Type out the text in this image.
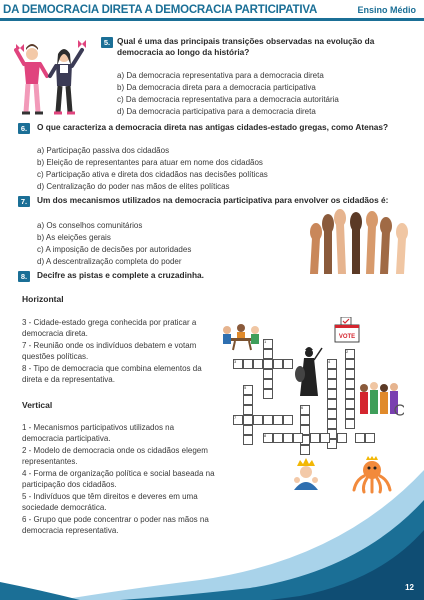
DA DEMOCRACIA DIRETA A DEMOCRACIA PARTICIPATIVA	Ensino Médio
5. Qual é uma das principais transições observadas na evolução da democracia ao longo da história?
a) Da democracia representativa para a democracia direta
b) Da democracia direta para a democracia participativa
c) Da democracia representativa para a democracia autoritária
d) Da democracia participativa para a democracia direta
6.	O que caracteriza a democracia direta nas antigas cidades-estado gregas, como Atenas?
a) Participação passiva dos cidadãos
b) Eleição de representantes para atuar em nome dos cidadãos
c) Participação ativa e direta dos cidadãos nas decisões políticas
d) Centralização do poder nas mãos de elites políticas
7.	Um dos mecanismos utilizados na democracia participativa para envolver os cidadãos é:
a) Os conselhos comunitários
b) As eleições gerais
c) A imposição de decisões por autoridades
d) A descentralização completa do poder
8.	Decifre as pistas e complete a cruzadinha.
Horizontal
3 - Cidade-estado grega conhecida por praticar a democracia direta.
7 - Reunião onde os indivíduos debatem e votam questões políticas.
8 - Tipo de democracia que combina elementos da direta e da representativa.
Vertical
1 - Mecanismos participativos utilizados na democracia participativa.
2 - Modelo de democracia onde os cidadãos elegem representantes.
4 - Forma de organização política e social baseada na participação dos cidadãos.
5 - Indivíduos que têm direitos e deveres em uma sociedade democrática.
6 - Grupo que pode concentrar o poder nas mãos na democracia representativa.
VOTE
3
1
2
4
5
6
7
8
12
